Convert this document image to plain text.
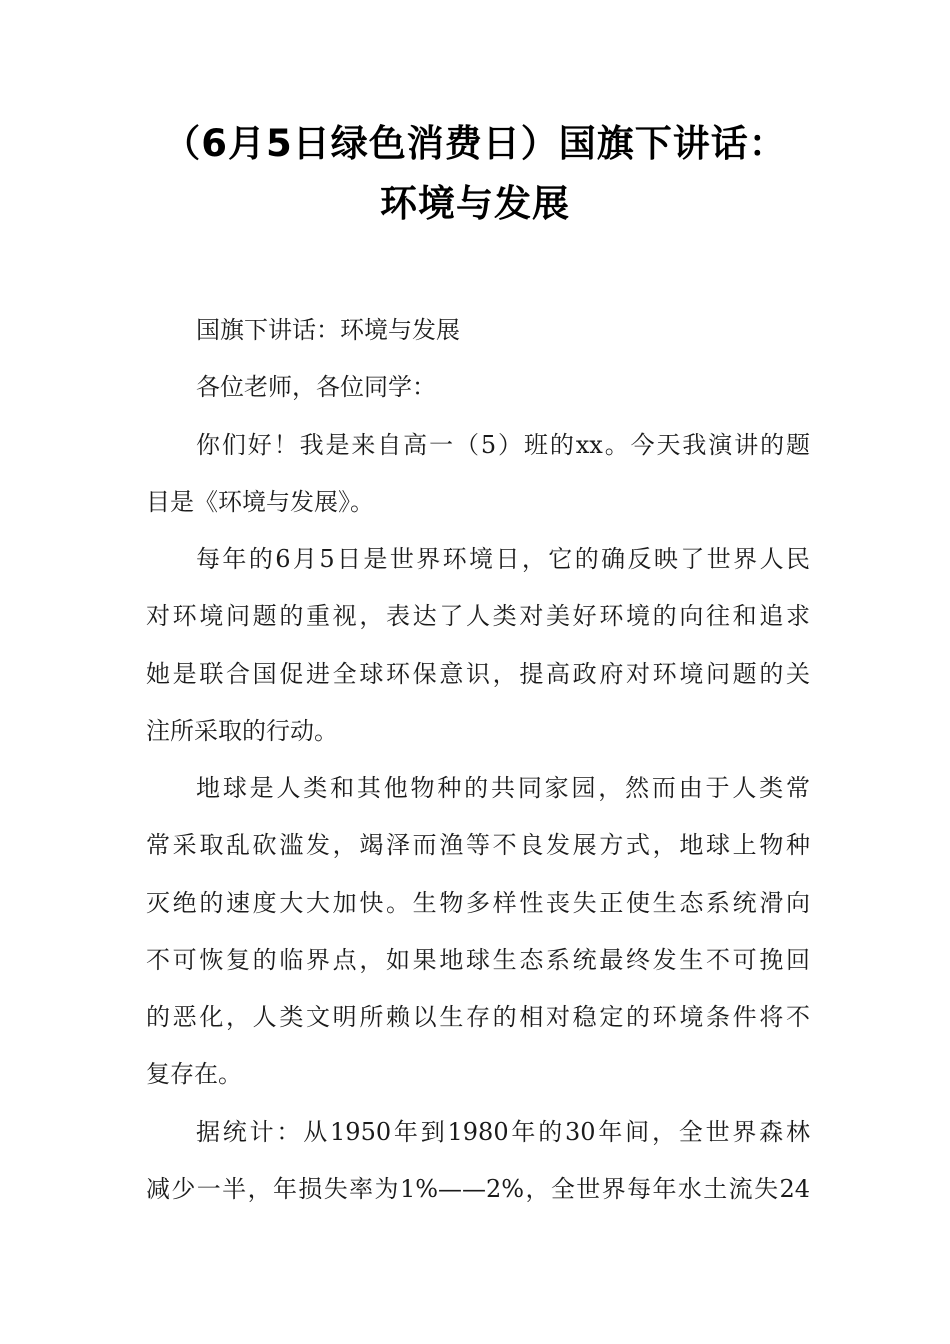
（6月5日绿色消费日）国旗下讲话：
环境与发展

国旗下讲话：环境与发展

各位老师，各位同学：

你们好！我是来自高一（5）班的xx。今天我演讲的题

目是《环境与发展》。

每年的6月5日是世界环境日，它的确反映了世界人民

对环境问题的重视，表达了人类对美好环境的向往和追求

她是联合国促进全球环保意识，提高政府对环境问题的关

注所采取的行动。

地球是人类和其他物种的共同家园，然而由于人类常

常采取乱砍滥发，竭泽而渔等不良发展方式，地球上物种

灭绝的速度大大加快。生物多样性丧失正使生态系统滑向

不可恢复的临界点，如果地球生态系统最终发生不可挽回

的恶化，人类文明所赖以生存的相对稳定的环境条件将不

复存在。

据统计：从1950年到1980年的30年间，全世界森林

减少一半，年损失率为1%——2%，全世界每年水土流失24
